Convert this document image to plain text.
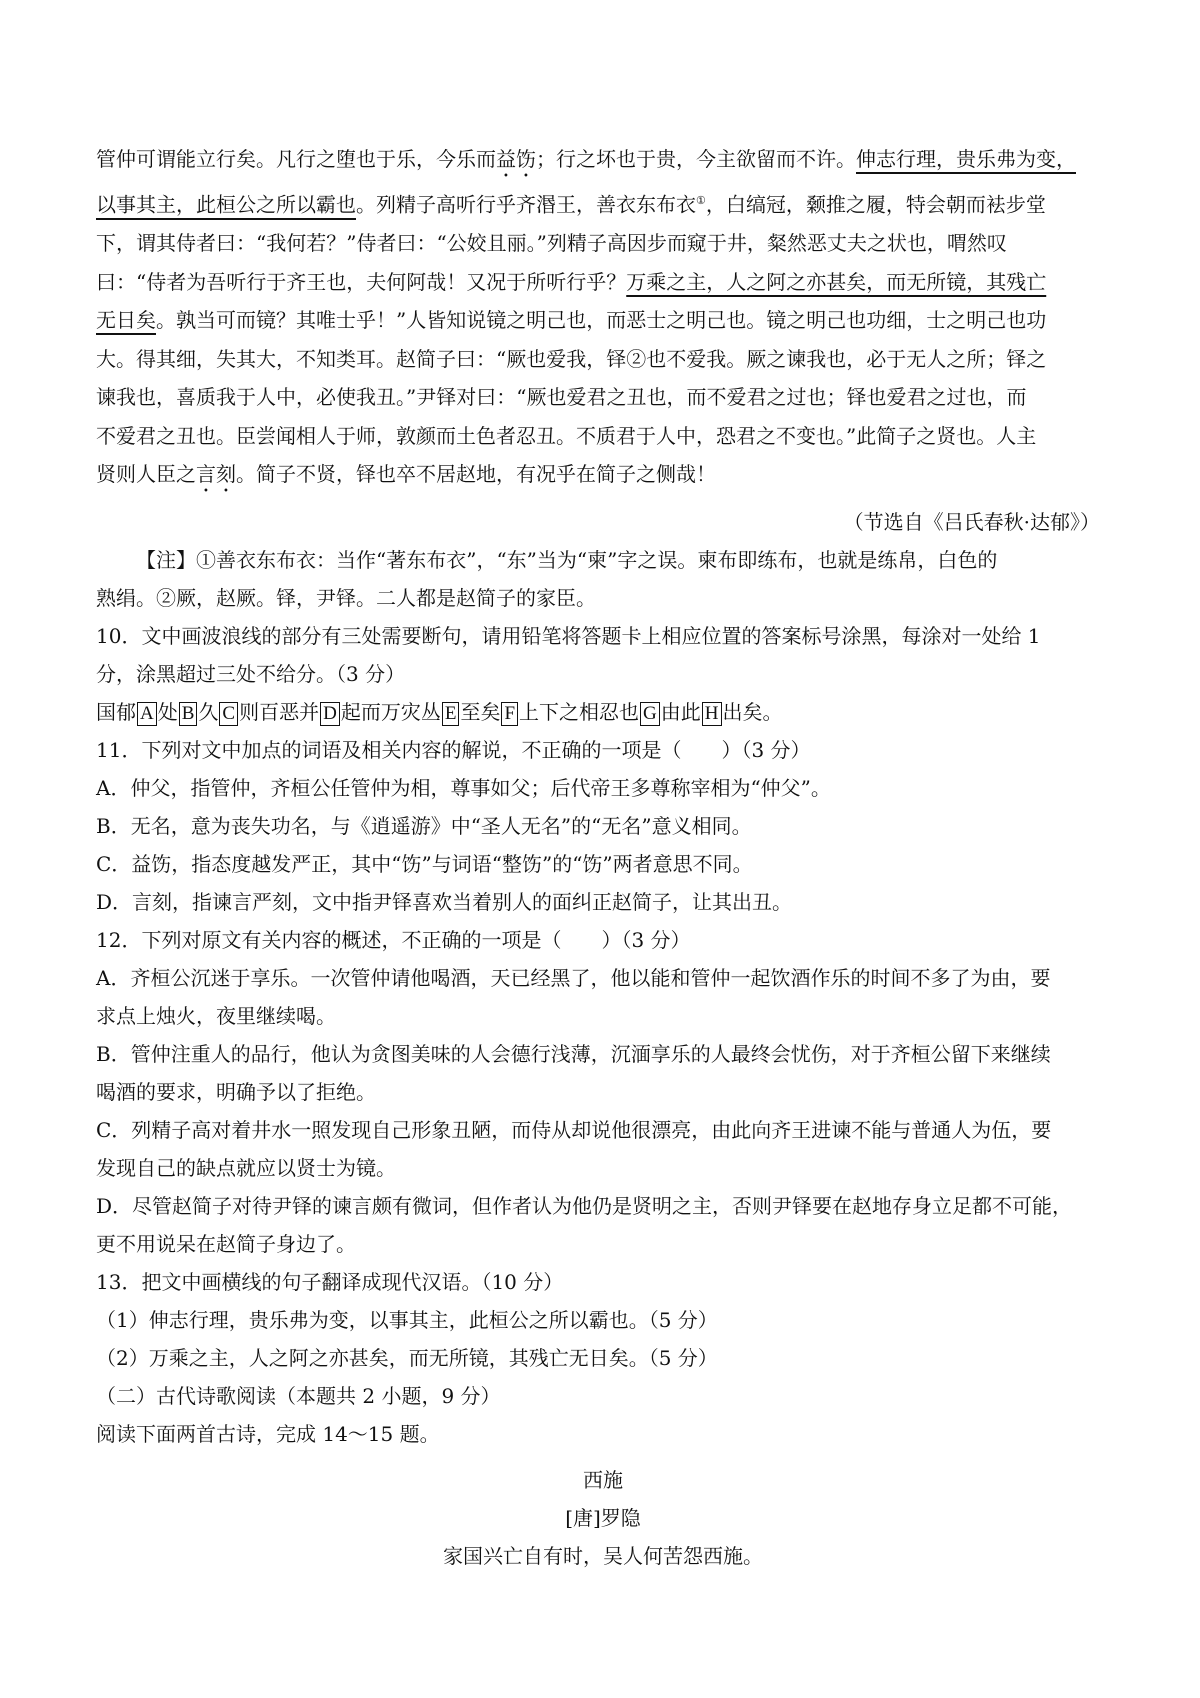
管仲可谓能立行矣。凡行之堕也于乐，今乐而益饬；行之坏也于贵，今主欲留而不许。伸志行理，贵乐弗为变，

以事其主，此桓公之所以霸也。列精子高听行乎齐湣王，善衣东布衣①，白缟冠，颡推之履，特会朝而袪步堂

下，谓其侍者曰：“我何若？”侍者曰：“公姣且丽。”列精子高因步而窥于井，粲然恶丈夫之状也，喟然叹

曰：“侍者为吾听行于齐王也，夫何阿哉！又况于所听行乎？万乘之主，人之阿之亦甚矣，而无所镜，其残亡

无日矣。孰当可而镜？其唯士乎！”人皆知说镜之明己也，而恶士之明己也。镜之明己也功细，士之明己也功

大。得其细，失其大，不知类耳。赵简子曰：“厥也爱我，铎②也不爱我。厥之谏我也，必于无人之所；铎之

谏我也，喜质我于人中，必使我丑。”尹铎对曰：“厥也爱君之丑也，而不爱君之过也；铎也爱君之过也，而

不爱君之丑也。臣尝闻相人于师，敦颜而土色者忍丑。不质君于人中，恐君之不变也。”此简子之贤也。人主

贤则人臣之言刻。简子不贤，铎也卒不居赵地，有况乎在简子之侧哉！

（节选自《吕氏春秋·达郁》）

【注】①善衣东布衣：当作“著东布衣”，“东”当为“柬”字之误。柬布即练布，也就是练帛，白色的

熟绢。②厥，赵厥。铎，尹铎。二人都是赵简子的家臣。

10．文中画波浪线的部分有三处需要断句，请用铅笔将答题卡上相应位置的答案标号涂黑，每涂对一处给 1

分，涂黑超过三处不给分。（3 分）

国郁 A 处 B 久 C 则百恶并 D 起而万灾丛 E 至矣 F 上下之相忍也 G 由此 H 出矣。

11．下列对文中加点的词语及相关内容的解说，不正确的一项是（　　）（3 分）

A．仲父，指管仲，齐桓公任管仲为相，尊事如父；后代帝王多尊称宰相为“仲父”。

B．无名，意为丧失功名，与《逍遥游》中“圣人无名”的“无名”意义相同。

C．益饬，指态度越发严正，其中“饬”与词语“整饬”的“饬”两者意思不同。

D．言刻，指谏言严刻，文中指尹铎喜欢当着别人的面纠正赵简子，让其出丑。

12．下列对原文有关内容的概述，不正确的一项是（　　）（3 分）

A．齐桓公沉迷于享乐。一次管仲请他喝酒，天已经黑了，他以能和管仲一起饮酒作乐的时间不多了为由，要

求点上烛火，夜里继续喝。

B．管仲注重人的品行，他认为贪图美味的人会德行浅薄，沉湎享乐的人最终会忧伤，对于齐桓公留下来继续

喝酒的要求，明确予以了拒绝。

C．列精子高对着井水一照发现自己形象丑陋，而侍从却说他很漂亮，由此向齐王进谏不能与普通人为伍，要

发现自己的缺点就应以贤士为镜。

D．尽管赵简子对待尹铎的谏言颇有微词，但作者认为他仍是贤明之主，否则尹铎要在赵地存身立足都不可能，

更不用说呆在赵简子身边了。

13．把文中画横线的句子翻译成现代汉语。（10 分）

（1）伸志行理，贵乐弗为变，以事其主，此桓公之所以霸也。（5 分）

（2）万乘之主，人之阿之亦甚矣，而无所镜，其残亡无日矣。（5 分）

（二）古代诗歌阅读（本题共 2 小题，9 分）

阅读下面两首古诗，完成 14～15 题。

西施

[唐]罗隐

家国兴亡自有时，吴人何苦怨西施。
